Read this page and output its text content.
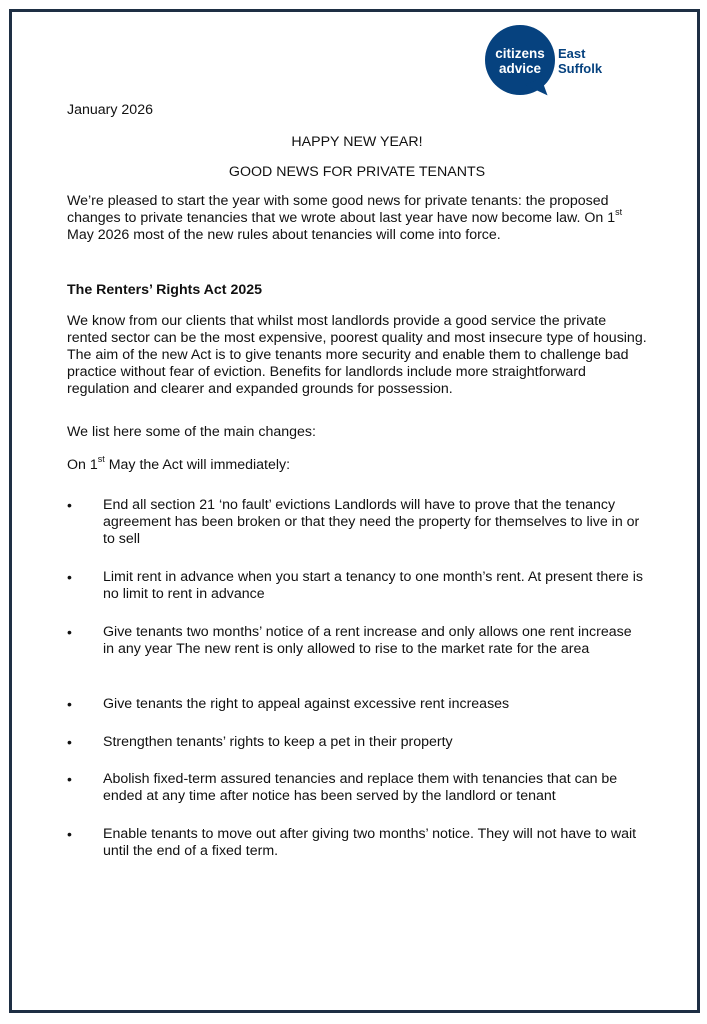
citizens
advice
East
Suffolk
January 2026
HAPPY NEW YEAR!
GOOD NEWS FOR PRIVATE TENANTS
We’re pleased to start the year with some good news for private tenants: the proposed changes to private tenancies that we wrote about last year have now become law. On 1st May 2026 most of the new rules about tenancies will come into force.
The Renters’ Rights Act 2025
We know from our clients that whilst most landlords provide a good service the private rented sector can be the most expensive, poorest quality and most insecure type of housing. The aim of the new Act is to give tenants more security and enable them to challenge bad practice without fear of eviction. Benefits for landlords include more straightforward regulation and clearer and expanded grounds for possession.
We list here some of the main changes:
On 1st May the Act will immediately:
• End all section 21 ‘no fault’ evictions Landlords will have to prove that the tenancy agreement has been broken or that they need the property for themselves to live in or to sell
• Limit rent in advance when you start a tenancy to one month’s rent. At present there is no limit to rent in advance
• Give tenants two months’ notice of a rent increase and only allows one rent increase in any year The new rent is only allowed to rise to the market rate for the area
• Give tenants the right to appeal against excessive rent increases
• Strengthen tenants’ rights to keep a pet in their property
• Abolish fixed-term assured tenancies and replace them with tenancies that can be ended at any time after notice has been served by the landlord or tenant
• Enable tenants to move out after giving two months’ notice. They will not have to wait until the end of a fixed term.
